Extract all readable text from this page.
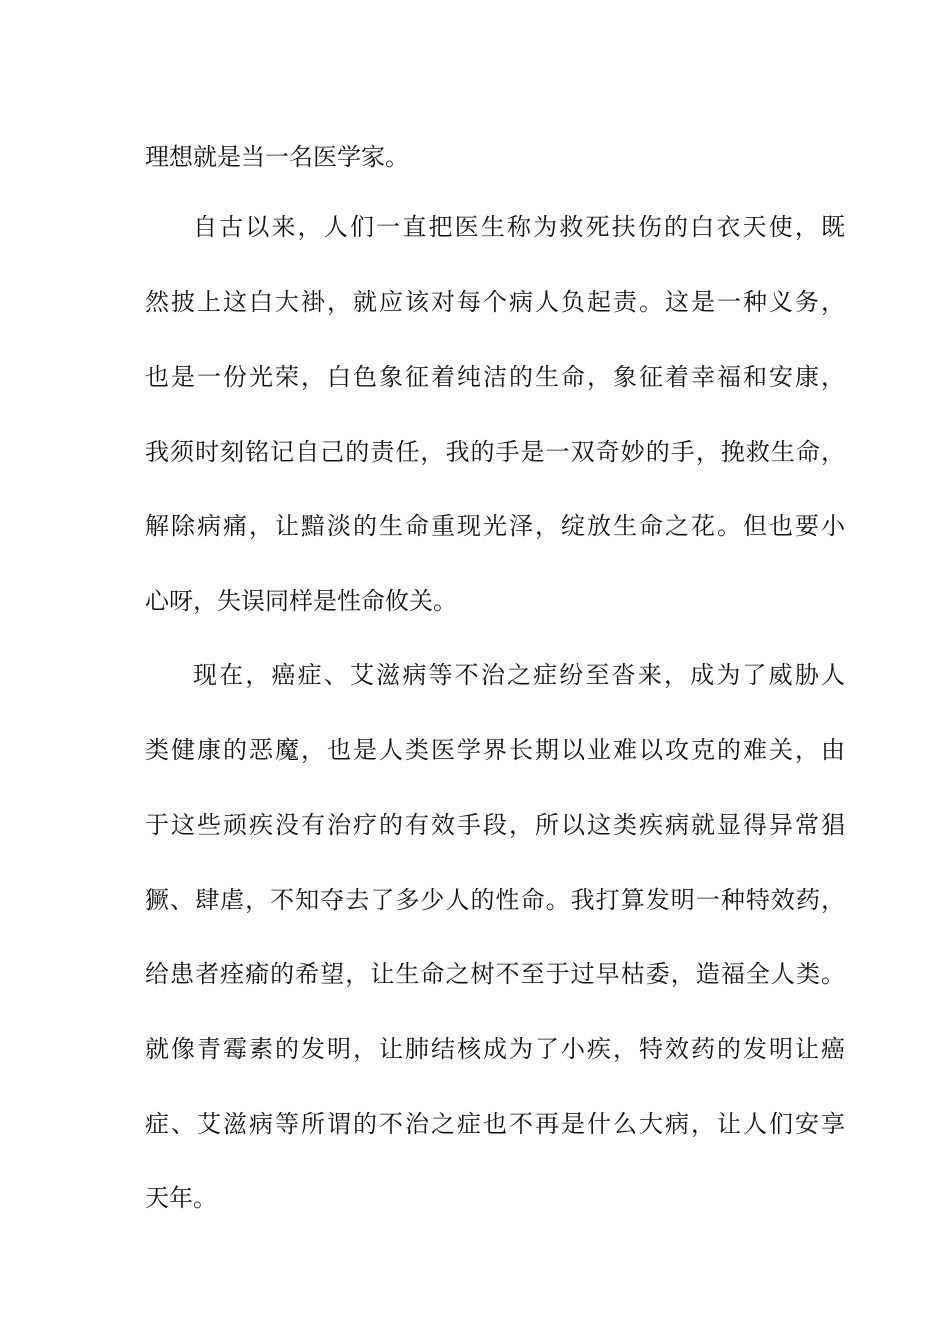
理想就是当一名医学家。
自古以来，人们一直把医生称为救死扶伤的白衣天使，既
然披上这白大褂，就应该对每个病人负起责。这是一种义务，
也是一份光荣，白色象征着纯洁的生命，象征着幸福和安康，
我须时刻铭记自己的责任，我的手是一双奇妙的手，挽救生命，
解除病痛，让黯淡的生命重现光泽，绽放生命之花。但也要小
心呀，失误同样是性命攸关。
现在，癌症、艾滋病等不治之症纷至沓来，成为了威胁人
类健康的恶魔，也是人类医学界长期以业难以攻克的难关，由
于这些顽疾没有治疗的有效手段，所以这类疾病就显得异常猖
獗、肆虐，不知夺去了多少人的性命。我打算发明一种特效药，
给患者痊瘉的希望，让生命之树不至于过早枯委，造福全人类。
就像青霉素的发明，让肺结核成为了小疾，特效药的发明让癌
症、艾滋病等所谓的不治之症也不再是什么大病，让人们安享
天年。
